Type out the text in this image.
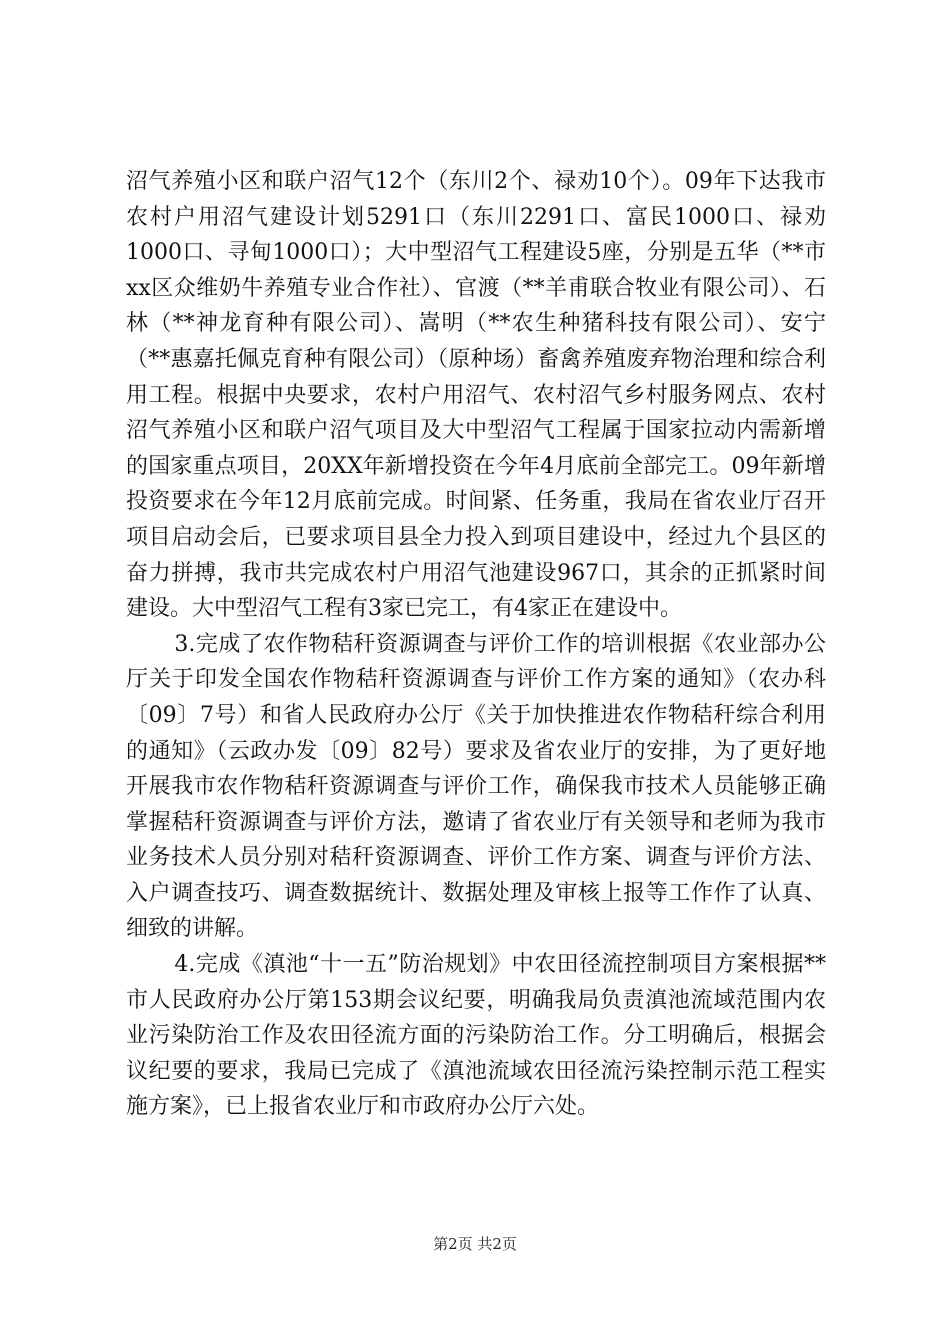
沼气养殖小区和联户沼气12个（东川2个、禄劝10个）。09年下达我市农村户用沼气建设计划5291口（东川2291口、富民1000口、禄劝1000口、寻甸1000口）；大中型沼气工程建设5座，分别是五华（**市xx区众维奶牛养殖专业合作社）、官渡（**羊甫联合牧业有限公司）、石林（**神龙育种有限公司）、嵩明（**农生种猪科技有限公司）、安宁（**惠嘉托佩克育种有限公司）（原种场）畜禽养殖废弃物治理和综合利用工程。根据中央要求，农村户用沼气、农村沼气乡村服务网点、农村沼气养殖小区和联户沼气项目及大中型沼气工程属于国家拉动内需新增的国家重点项目，20XX年新增投资在今年4月底前全部完工。09年新增投资要求在今年12月底前完成。时间紧、任务重，我局在省农业厅召开项目启动会后，已要求项目县全力投入到项目建设中，经过九个县区的奋力拼搏，我市共完成农村户用沼气池建设967口，其余的正抓紧时间建设。大中型沼气工程有3家已完工，有4家正在建设中。

3.完成了农作物秸秆资源调查与评价工作的培训根据《农业部办公厅关于印发全国农作物秸秆资源调查与评价工作方案的通知》（农办科〔09〕7号）和省人民政府办公厅《关于加快推进农作物秸秆综合利用的通知》（云政办发〔09〕82号）要求及省农业厅的安排，为了更好地开展我市农作物秸秆资源调查与评价工作，确保我市技术人员能够正确掌握秸秆资源调查与评价方法，邀请了省农业厅有关领导和老师为我市业务技术人员分别对秸秆资源调查、评价工作方案、调查与评价方法、入户调查技巧、调查数据统计、数据处理及审核上报等工作作了认真、细致的讲解。

4.完成《滇池“十一五”防治规划》中农田径流控制项目方案根据**市人民政府办公厅第153期会议纪要，明确我局负责滇池流域范围内农业污染防治工作及农田径流方面的污染防治工作。分工明确后，根据会议纪要的要求，我局已完成了《滇池流域农田径流污染控制示范工程实施方案》，已上报省农业厅和市政府办公厅六处。

第2页 共2页
